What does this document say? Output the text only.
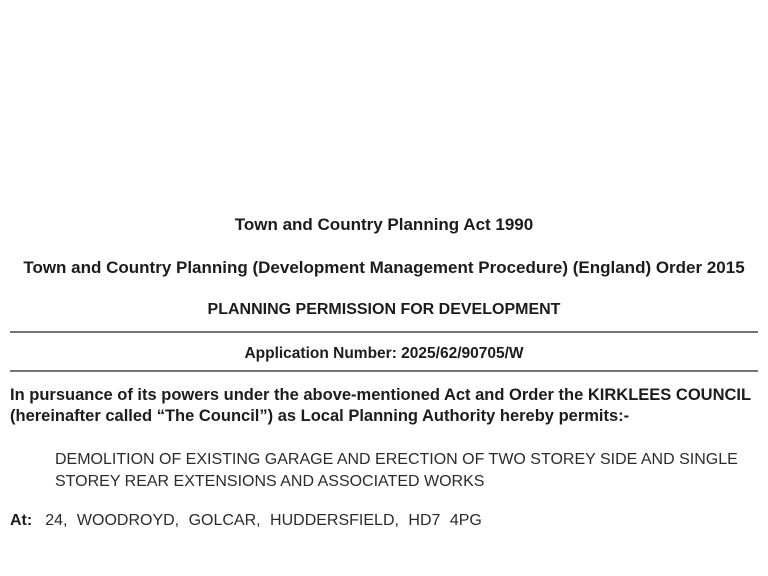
Town and Country Planning Act 1990
Town and Country Planning (Development Management Procedure) (England) Order 2015
PLANNING PERMISSION FOR DEVELOPMENT
Application Number: 2025/62/90705/W

In pursuance of its powers under the above-mentioned Act and Order the KIRKLEES COUNCIL (hereinafter called “The Council”) as Local Planning Authority hereby permits:-

DEMOLITION OF EXISTING GARAGE AND ERECTION OF TWO STOREY SIDE AND SINGLE STOREY REAR EXTENSIONS AND ASSOCIATED WORKS

At: 24, WOODROYD, GOLCAR, HUDDERSFIELD, HD7 4PG
